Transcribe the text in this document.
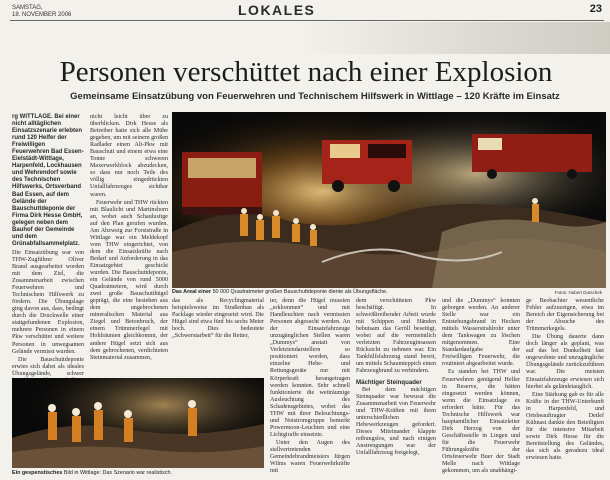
SAMSTAG,
18. NOVEMBER 2006	LOKALES	23
Personen verschüttet nach einer Explosion
Gemeinsame Einsatzübung von Feuerwehren und Technischem Hilfswerk in Wittlage – 120 Kräfte im Einsatz
rg WITTLAGE. Bei einer nicht alltäglichen Einsatzszenarie erlebten rund 120 Helfer der Freiwilligen Feuerwehren Bad Essen-Eielstädt-Wittlage, Harpenfeld, Lockhausen und Wehrendorf sowie des Technischen Hilfswerks, Ortsverband Bad Essen, auf dem Gelände der Bauschuttdeponie der Firma Dirk Hesse GmbH, gelegen neben dem Bauhof der Gemeinde und dem Grünabfallsammelplatz.

Die Einsatzübung war von THW-Zugführer Oliver Brand ausgearbeitet worden mit dem Ziel, die Zusammenarbeit zwischen Feuerwehren und Technischem Hilfswerk zu fördern. Die Übungslage ging davon aus, dass, bedingt durch die Druckwelle einer stattgefundenen Explosion, mehrere Personen in einem Pkw verschüttet und weitere Personen in unwegsamen Gelände vermisst wurden.

Die Bauschuttdeponie erwies sich dabei als ideales Übungsgelände, schwer

nicht leicht über zu überblicken. Dirk Hesse als Betreiber hatte sich alle Mühe gegeben, um mit seinem großen Radlader einen Alt-Pkw mit Bauschutt und einem etwa eine Tonne schweren Maxerwerkblock abzudecken, so dass nur noch Teile des völlig eingedrückten Unfallfahrzeuges sichtbar waren.

Feuerwehr und THW rückten mit Blaulicht und Martinshorn an, wobei auch Schaulustige auf den Plan gerufen wurden. Am Abzweig zur Forststraße in Wittlage war ein Meldekopf vom THW eingerichtet, von dem die Einsatzkräfte nach Bedarf und Anforderung in das Einsatzgebiet geschickt wurden. Die Bauschuttdeponie, ein Gelände von rund 5000 Quadratmetern, wird durch zwei große Bauschutthügel geprägt, die eine bestehen aus dem ungebrochenen mineralischen Material aus Ziegel und Betonbruch, der einem Trümmerfegel mit Hohlräumen gleichkommt, der andere Hügel setzt sich aus dem gebrochenen, verdichteten Steinmaterial zusammen,

Das Areal einer 50 000 Quadratmeter großen Bauschuttdeponie diente als Übungsfläche.	Fotos: Hubert Dutschek

das als Recyclingmaterial beispielsweise im Straßenbau als Packlage wieder eingesetzt wird. Die Hügel sind etwa fünf bis sechs Meter hoch. Dies bedeutete „Schwerstarbeit“ für die Retter,

ter, denn die Hügel mussten „erklommen“ und mit Handleuchten nach vermissten Personen abgesucht werden. An der Einsatzfahrzeuge unzugänglichen Stellen waren „Dummys“ anstatt von Verletztendarstellern so positioniert worden, dass einzelne Hebe- und Rettungsgeräte nur mit Körperkraft herangetragen werden konnten. Sehr schnell funktionierte die weiträumige Ausleuchtung des Schadensgebietes, wobei das THW mit ihrer Beleuchtungs- und Notstromgruppe bemerkt Powermoon-Leuchten und eine Lichtgiraffe einsetzte.

Unter den Augen des stellvertretenden Gemeindebrandmeisters Jürgen Wilms waren Feuerwehrkräfte mit

dem verschütteten Pkw beschäftigt. In schweißtreibender Arbeit wurde mit Schippen und Händen behutsam das Geröll beseitigt, wobei auf die vermeintlich verletzten Fahrzeuginsassen Rücksicht zu nehmen war. Ein Tankhilfsfahrzeug stand bereit, um mittels Schaumteppich einen Fahrzeugbrand zu verhindern.

Mächtiger Steinquader

Bei dem mächtigen Steinquader war bewusst die Zusammenarbeit von Feuerwehr und THW-Kräften mit ihren unterschiedlichen Hebewerkzeugen gefordert. Dieses Miteinander klappte reibungslos, und nach einigen Anstrengungen war der Unfallfahrzeug freigelegt,

und die „Dummys“ konnten geborgen werden. An anderer Stelle war ein Entstehungsbrand in Hecken mittels Wasserstrahlrohr unter dem Tankwagen zu löschen mitgenommen. Eine Standardaufgabe der Freiwilligen Feuerwehr, die routiniert abgearbeitet wurde.

Es standen bei THW und Feuerwehren genügend Helfer in Reserve, die hätten eingesetzt werden können, wenn die Einsatzlage es erfordert hätte. Für das Technische Hilfswerk war hauptamtlicher Einsatzleiter Dirk Herzog von der Geschäftsstelle in Lingen und für die Feuerwehr Führungskräfte der Ortsfeuerwehr Buer der Stadt Melle nach Wittlage gekommen, um als unabhängi-

ge Beobachter wesentliche Fehler aufzuzeigen, etwa im Bereich der Eigensicherung bei der Absuche des Trümmerkegels.

Die Übung dauerte dann doch länger als geplant, was auf das bei Dunkelheit fast ungewohnte und unzugängliche Übungsgelände zurückzuführen war. Die meisten Einsatzfahrzeuge erwiesen sich hierbei als geländetauglich.

Eine Stärkung gab es für alle Kräfte in der THW-Unterkunft in Harpenfeld, und Ortsbeauftragter Detlef Kühnast dankte den Beteiligten für die intensive Mitarbeit sowie Dirk Hesse für die Bereitstellung des Geländes, das sich als geradezu ideal erwiesen hatte.

Ein gespenstisches Bild in Wittlage: Das Szenario war realistisch.
